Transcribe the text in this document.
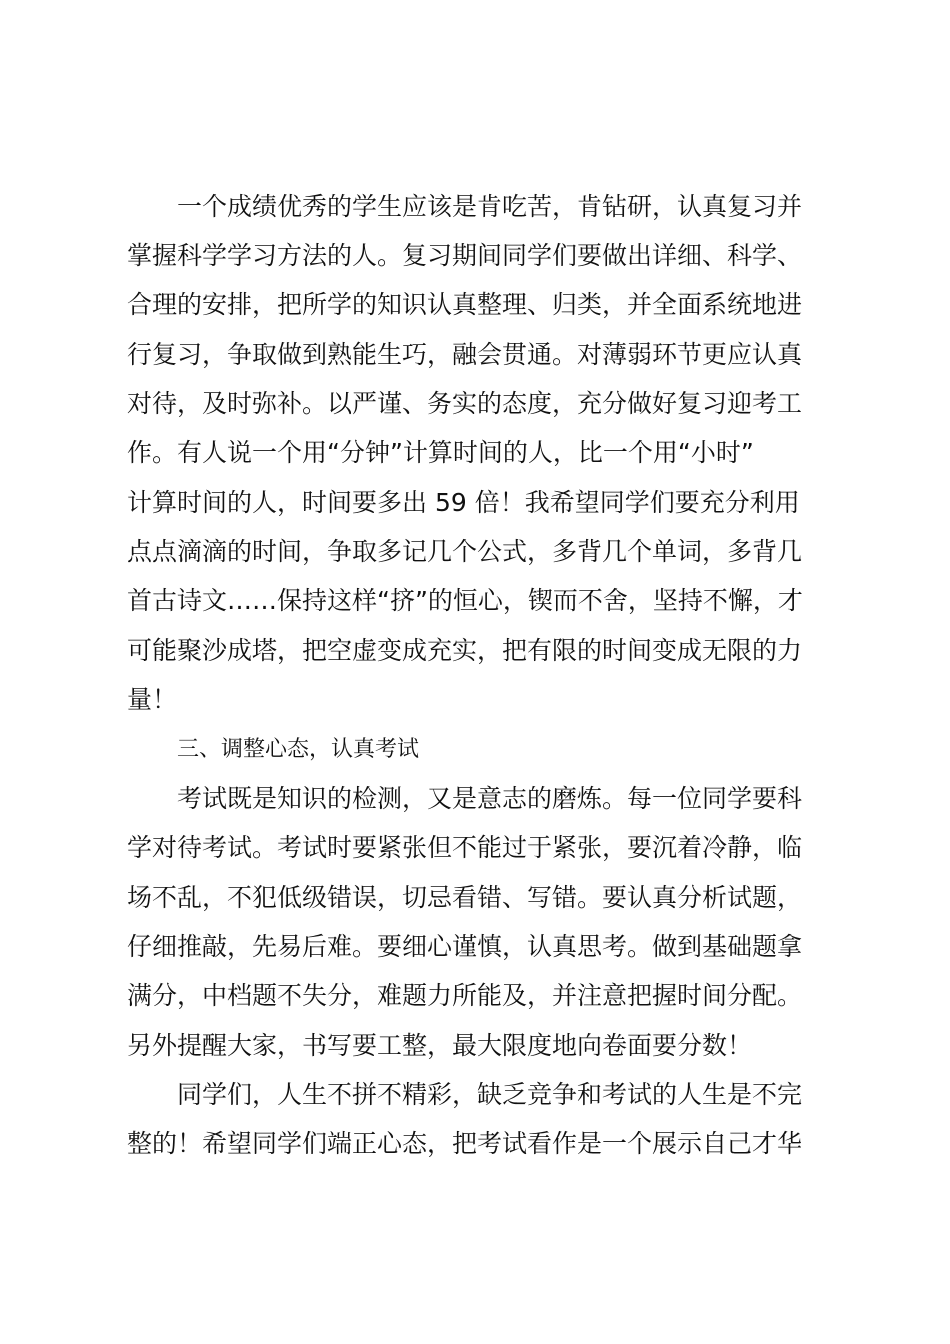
一个成绩优秀的学生应该是肯吃苦，肯钻研，认真复习并
掌握科学学习方法的人。复习期间同学们要做出详细、科学、
合理的安排，把所学的知识认真整理、归类，并全面系统地进
行复习，争取做到熟能生巧，融会贯通。对薄弱环节更应认真
对待，及时弥补。以严谨、务实的态度，充分做好复习迎考工
作。有人说一个用“分钟”计算时间的人，比一个用“小时”
计算时间的人，时间要多出 59 倍！我希望同学们要充分利用
点点滴滴的时间，争取多记几个公式，多背几个单词，多背几
首古诗文……保持这样“挤”的恒心，锲而不舍，坚持不懈，才
可能聚沙成塔，把空虚变成充实，把有限的时间变成无限的力
量！
三、调整心态，认真考试
考试既是知识的检测，又是意志的磨炼。每一位同学要科
学对待考试。考试时要紧张但不能过于紧张，要沉着冷静，临
场不乱，不犯低级错误，切忌看错、写错。要认真分析试题，
仔细推敲，先易后难。要细心谨慎，认真思考。做到基础题拿
满分，中档题不失分，难题力所能及，并注意把握时间分配。
另外提醒大家，书写要工整，最大限度地向卷面要分数！
同学们，人生不拼不精彩，缺乏竞争和考试的人生是不完
整的！希望同学们端正心态，把考试看作是一个展示自己才华
